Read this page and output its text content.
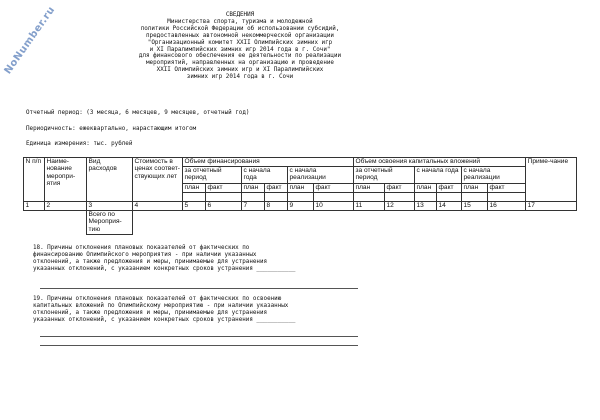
NoNumber.ru	СВЕДЕНИЯ
Министерства спорта, туризма и молодежной
политики Российской Федерации об использовании субсидий,
предоставленных автономной некоммерческой организации
"Организационный комитет XXII Олимпийских зимних игр
и XI Паралимпийских зимних игр 2014 года в г. Сочи"
для финансового обеспечения ее деятельности по реализации
мероприятий, направленных на организацию и проведение
XXII Олимпийских зимних игр и XI Паралимпийских
зимних игр 2014 года в г. Сочи
Отчетный период: (3 месяца, 6 месяцев, 9 месяцев, отчетный год)
Периодичность: ежеквартально, нарастающим итогом
Единица измерения: тыс. рублей
N п/п	Наиме-нование меропри-ятия	Вид расходов	Стоимость в ценах соответ-ствующих лет	Объем финансирования						Объем освоения капитальных вложений						Приме-чание
				за отчетный период		с начала года		с начала реализации		за отчетный период		с начала года		с начала реализации		
				план	факт	план	факт	план	факт	план	факт	план	факт	план	факт	

1	2	3	4	5	6	7	8	9	10	11	12	13	14	15	16	17
		Всего по Мероприя-тию														
18. Причины отклонения плановых показателей от фактических по
финансированию Олимпийского мероприятия - при наличии указанных
отклонений, а также предложения и меры, принимаемые для устранения
указанных отклонений, с указанием конкретных сроков устранения ___________
19. Причины отклонения плановых показателей от фактических по освоению
капитальных вложений по Олимпийскому мероприятию - при наличии указанных
отклонений, а также предложения и меры, принимаемые для устранения
указанных отклонений, с указанием конкретных сроков устранения ___________
